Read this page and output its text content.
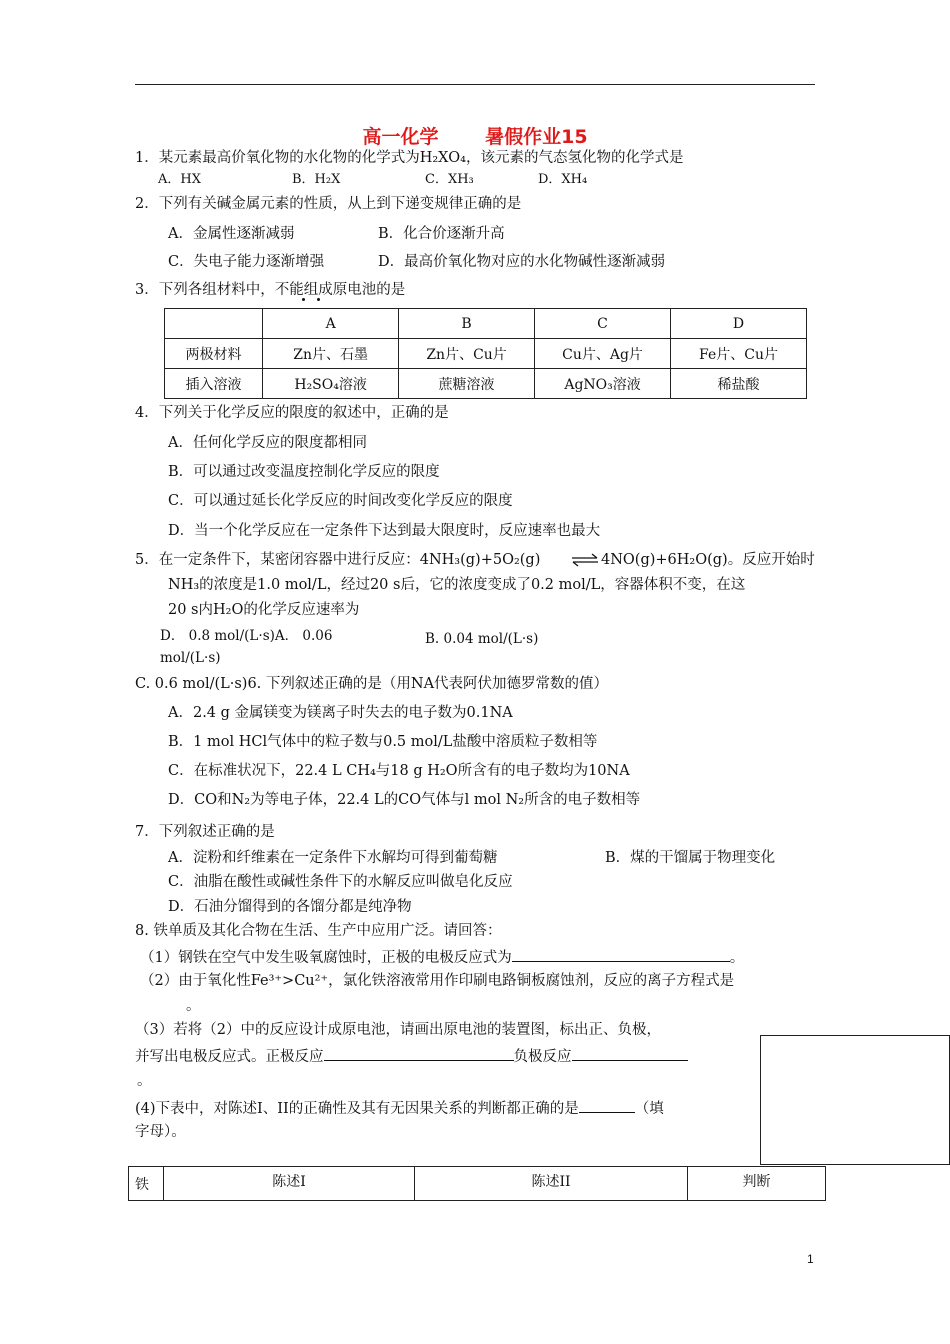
高一化学 暑假作业15
1．某元素最高价氧化物的水化物的化学式为H₂XO₄，该元素的气态氢化物的化学式是
A．HX	B．H₂X	C．XH₃	D．XH₄
2．下列有关碱金属元素的性质，从上到下递变规律正确的是
A．金属性逐渐减弱	B．化合价逐渐升高
C．失电子能力逐渐增强	D．最高价氧化物对应的水化物碱性逐渐减弱
3．下列各组材料中，不能组成原电池的是
	A	B	C	D
两极材料	Zn片、石墨	Zn片、Cu片	Cu片、Ag片	Fe片、Cu片
插入溶液	H₂SO₄溶液	蔗糖溶液	AgNO₃溶液	稀盐酸
4．下列关于化学反应的限度的叙述中，正确的是
A．任何化学反应的限度都相同
B．可以通过改变温度控制化学反应的限度
C．可以通过延长化学反应的时间改变化学反应的限度
D．当一个化学反应在一定条件下达到最大限度时，反应速率也最大
5．在一定条件下，某密闭容器中进行反应：4NH₃(g)+5O₂(g) ⇌ 4NO(g)+6H₂O(g)。反应开始时
NH₃的浓度是1.0 mol/L，经过20 s后，它的浓度变成了0.2 mol/L，容器体积不变，在这
20 s内H₂O的化学反应速率为
D． 0.8 mol/(L·s)A． 0.06
mol/(L·s)
B. 0.04 mol/(L·s)
C. 0.6 mol/(L·s)6. 下列叙述正确的是（用NA代表阿伏加德罗常数的值）
A．2.4 g 金属镁变为镁离子时失去的电子数为0.1NA
B．1 mol HCl气体中的粒子数与0.5 mol/L盐酸中溶质粒子数相等
C．在标准状况下，22.4 L CH₄与18 g H₂O所含有的电子数均为10NA
D．CO和N₂为等电子体，22.4 L的CO气体与l mol N₂所含的电子数相等
7．下列叙述正确的是
A．淀粉和纤维素在一定条件下水解均可得到葡萄糖	B．煤的干馏属于物理变化
C．油脂在酸性或碱性条件下的水解反应叫做皂化反应
D．石油分馏得到的各馏分都是纯净物
8. 铁单质及其化合物在生活、生产中应用广泛。请回答：
（1）钢铁在空气中发生吸氧腐蚀时，正极的电极反应式为	。
（2）由于氧化性Fe³⁺>Cu²⁺，氯化铁溶液常用作印刷电路铜板腐蚀剂，反应的离子方程式是
。
（3）若将（2）中的反应设计成原电池，请画出原电池的装置图，标出正、负极，
并写出电极反应式。正极反应	负极反应
。
(4)下表中，对陈述I、II的正确性及其有无因果关系的判断都正确的是	（填
字母）。
铁	陈述I	陈述II	判断
1
